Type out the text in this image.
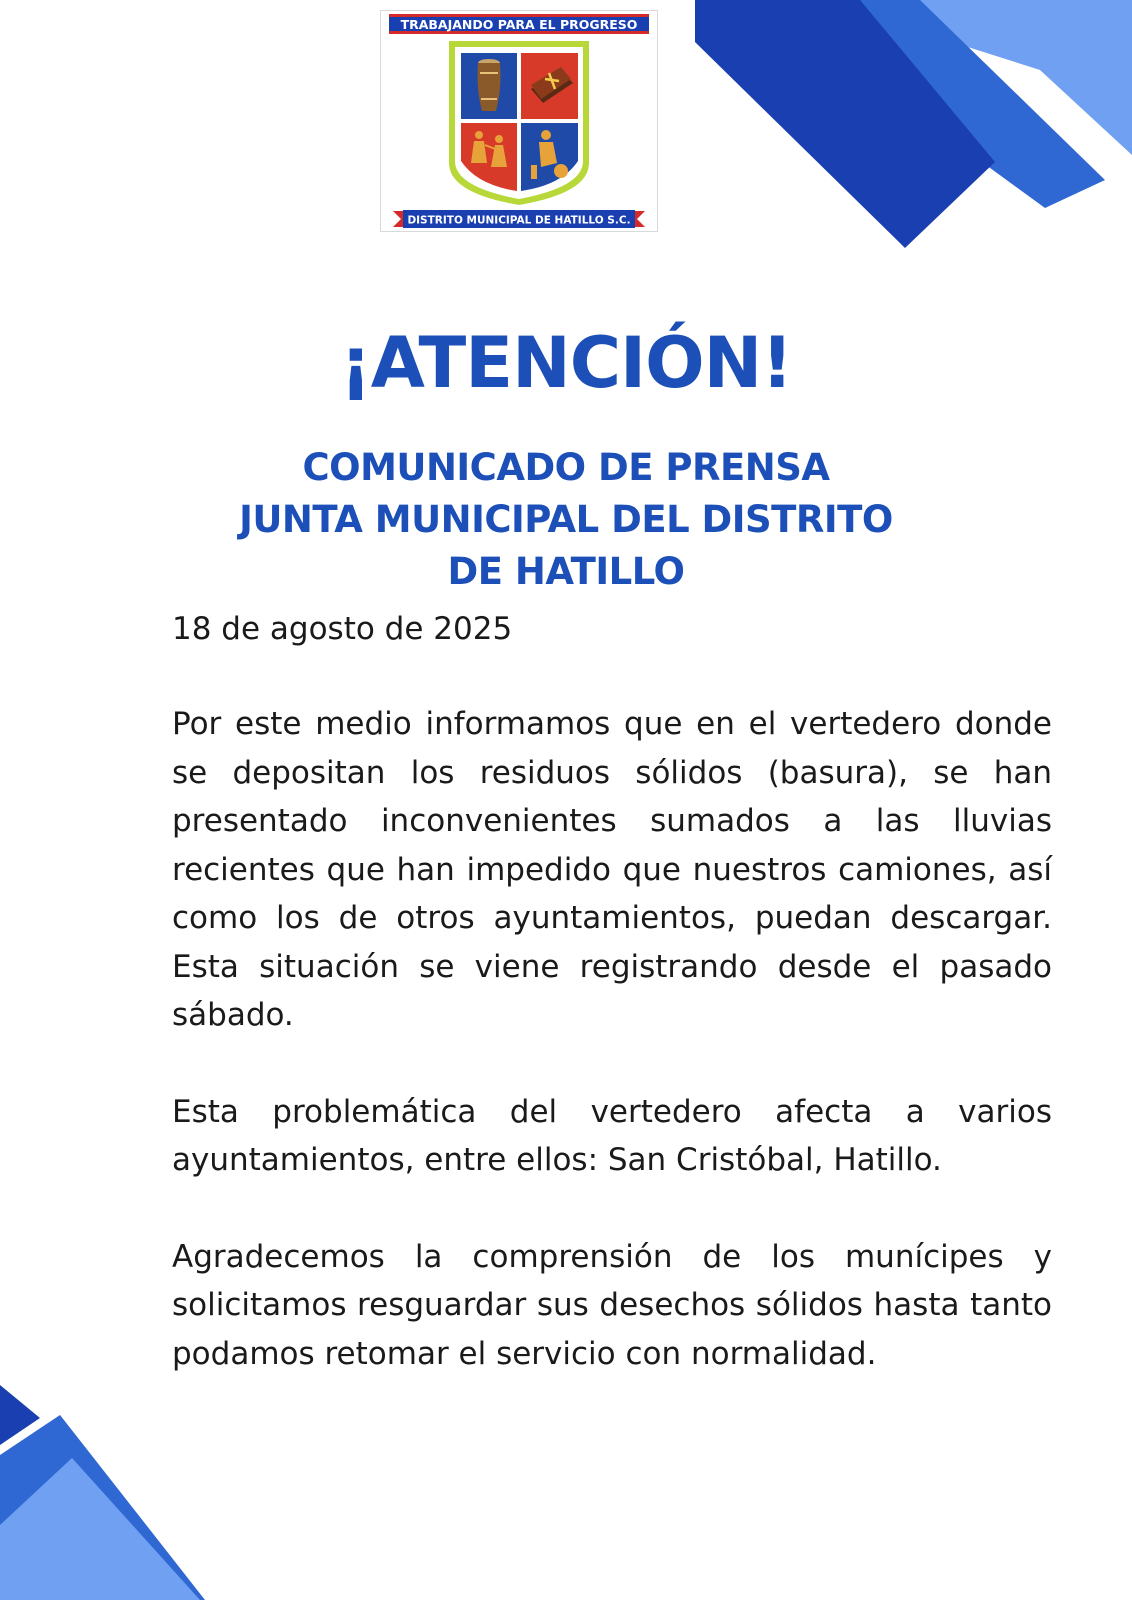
TRABAJANDO PARA EL PROGRESO
DISTRITO MUNICIPAL DE HATILLO S.C.
¡ATENCIÓN!
COMUNICADO DE PRENSA
JUNTA MUNICIPAL DEL DISTRITO
DE HATILLO

18 de agosto de 2025

Por este medio informamos que en el vertedero donde se depositan los residuos sólidos (basura), se han presentado inconvenientes sumados a las lluvias recientes que han impedido que nuestros camiones, así como los de otros ayuntamientos, puedan descargar. Esta situación se viene registrando desde el pasado sábado.

Esta problemática del vertedero afecta a varios ayuntamientos, entre ellos: San Cristóbal, Hatillo.

Agradecemos la comprensión de los munícipes y solicitamos resguardar sus desechos sólidos hasta tanto podamos retomar el servicio con normalidad.
